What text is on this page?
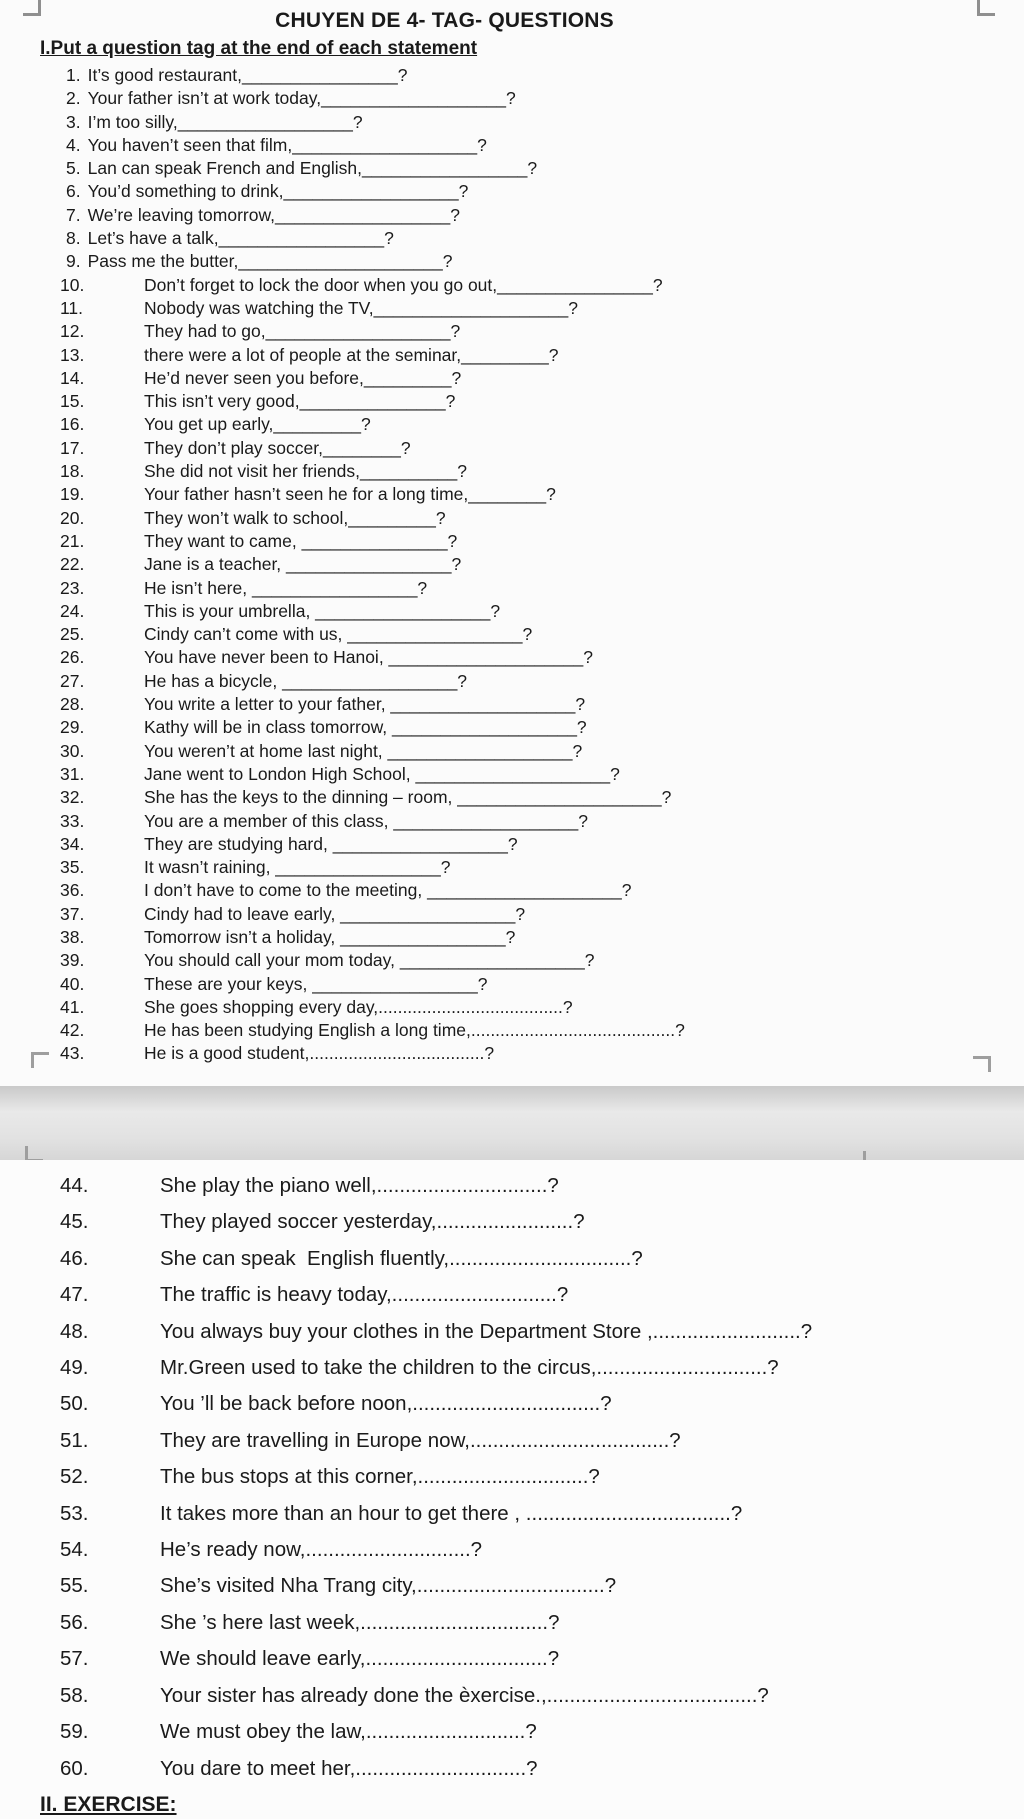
CHUYEN DE 4- TAG- QUESTIONS
I.Put a question tag at the end of each statement
1. It’s good restaurant,________________?
2. Your father isn’t at work today,___________________?
3. I’m too silly,__________________?
4. You haven’t seen that film,___________________?
5. Lan can speak French and English,_________________?
6. You’d something to drink,__________________?
7. We’re leaving tomorrow,__________________?
8. Let’s have a talk,_________________?
9. Pass me the butter,_____________________?
10.	Don’t forget to lock the door when you go out,________________?
11.	Nobody was watching the TV,____________________?
12.	They had to go,___________________?
13.	there were a lot of people at the seminar,_________?
14.	He’d never seen you before,_________?
15.	This isn’t very good,_______________?
16.	You get up early,_________?
17.	They don’t play soccer,________?
18.	She did not visit her friends,__________?
19.	Your father hasn’t seen he for a long time,________?
20.	They won’t walk to school,_________?
21.	They want to came, _______________?
22.	Jane is a teacher, _________________?
23.	He isn’t here, _________________?
24.	This is your umbrella, __________________?
25.	Cindy can’t come with us, __________________?
26.	You have never been to Hanoi, ____________________?
27.	He has a bicycle, __________________?
28.	You write a letter to your father, ___________________?
29.	Kathy will be in class tomorrow, ___________________?
30.	You weren’t at home last night, ___________________?
31.	Jane went to London High School, ____________________?
32.	She has the keys to the dinning – room, _____________________?
33.	You are a member of this class, ___________________?
34.	They are studying hard, __________________?
35.	It wasn’t raining, _________________?
36.	I don’t have to come to the meeting, ____________________?
37.	Cindy had to leave early, __________________?
38.	Tomorrow isn’t a holiday, _________________?
39.	You should call your mom today, ___________________?
40.	These are your keys, _________________?
41.	She goes shopping every day,......................................?
42.	He has been studying English a long time,..........................................?
43.	He is a good student,....................................?
44.	She play the piano well,..............................?
45.	They played soccer yesterday,........................?
46.	She can speak  English fluently,................................?
47.	The traffic is heavy today,.............................?
48.	You always buy your clothes in the Department Store ,..........................?
49.	Mr.Green used to take the children to the circus,..............................?
50.	You ’ll be back before noon,.................................?
51.	They are travelling in Europe now,...................................?
52.	The bus stops at this corner,..............................?
53.	It takes more than an hour to get there , ....................................?
54.	He’s ready now,.............................?
55.	She’s visited Nha Trang city,.................................?
56.	She ’s here last week,.................................?
57.	We should leave early,................................?
58.	Your sister has already done the èxercise.,.....................................?
59.	We must obey the law,............................?
60.	You dare to meet her,..............................?
II. EXERCISE:
